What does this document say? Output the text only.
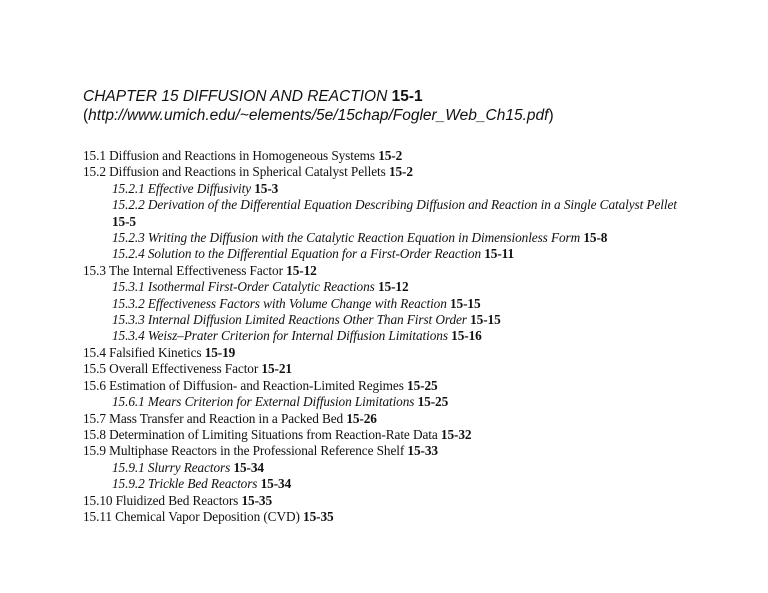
CHAPTER 15 DIFFUSION AND REACTION 15-1
(http://www.umich.edu/~elements/5e/15chap/Fogler_Web_Ch15.pdf)
15.1 Diffusion and Reactions in Homogeneous Systems 15-2
15.2 Diffusion and Reactions in Spherical Catalyst Pellets 15-2
15.2.1 Effective Diffusivity 15-3
15.2.2 Derivation of the Differential Equation Describing Diffusion and Reaction in a Single Catalyst Pellet 15-5
15.2.3 Writing the Diffusion with the Catalytic Reaction Equation in Dimensionless Form 15-8
15.2.4 Solution to the Differential Equation for a First-Order Reaction 15-11
15.3 The Internal Effectiveness Factor 15-12
15.3.1 Isothermal First-Order Catalytic Reactions 15-12
15.3.2 Effectiveness Factors with Volume Change with Reaction 15-15
15.3.3 Internal Diffusion Limited Reactions Other Than First Order 15-15
15.3.4 Weisz–Prater Criterion for Internal Diffusion Limitations 15-16
15.4 Falsified Kinetics 15-19
15.5 Overall Effectiveness Factor 15-21
15.6 Estimation of Diffusion- and Reaction-Limited Regimes 15-25
15.6.1 Mears Criterion for External Diffusion Limitations 15-25
15.7 Mass Transfer and Reaction in a Packed Bed 15-26
15.8 Determination of Limiting Situations from Reaction-Rate Data 15-32
15.9 Multiphase Reactors in the Professional Reference Shelf 15-33
15.9.1 Slurry Reactors 15-34
15.9.2 Trickle Bed Reactors 15-34
15.10 Fluidized Bed Reactors 15-35
15.11 Chemical Vapor Deposition (CVD) 15-35
